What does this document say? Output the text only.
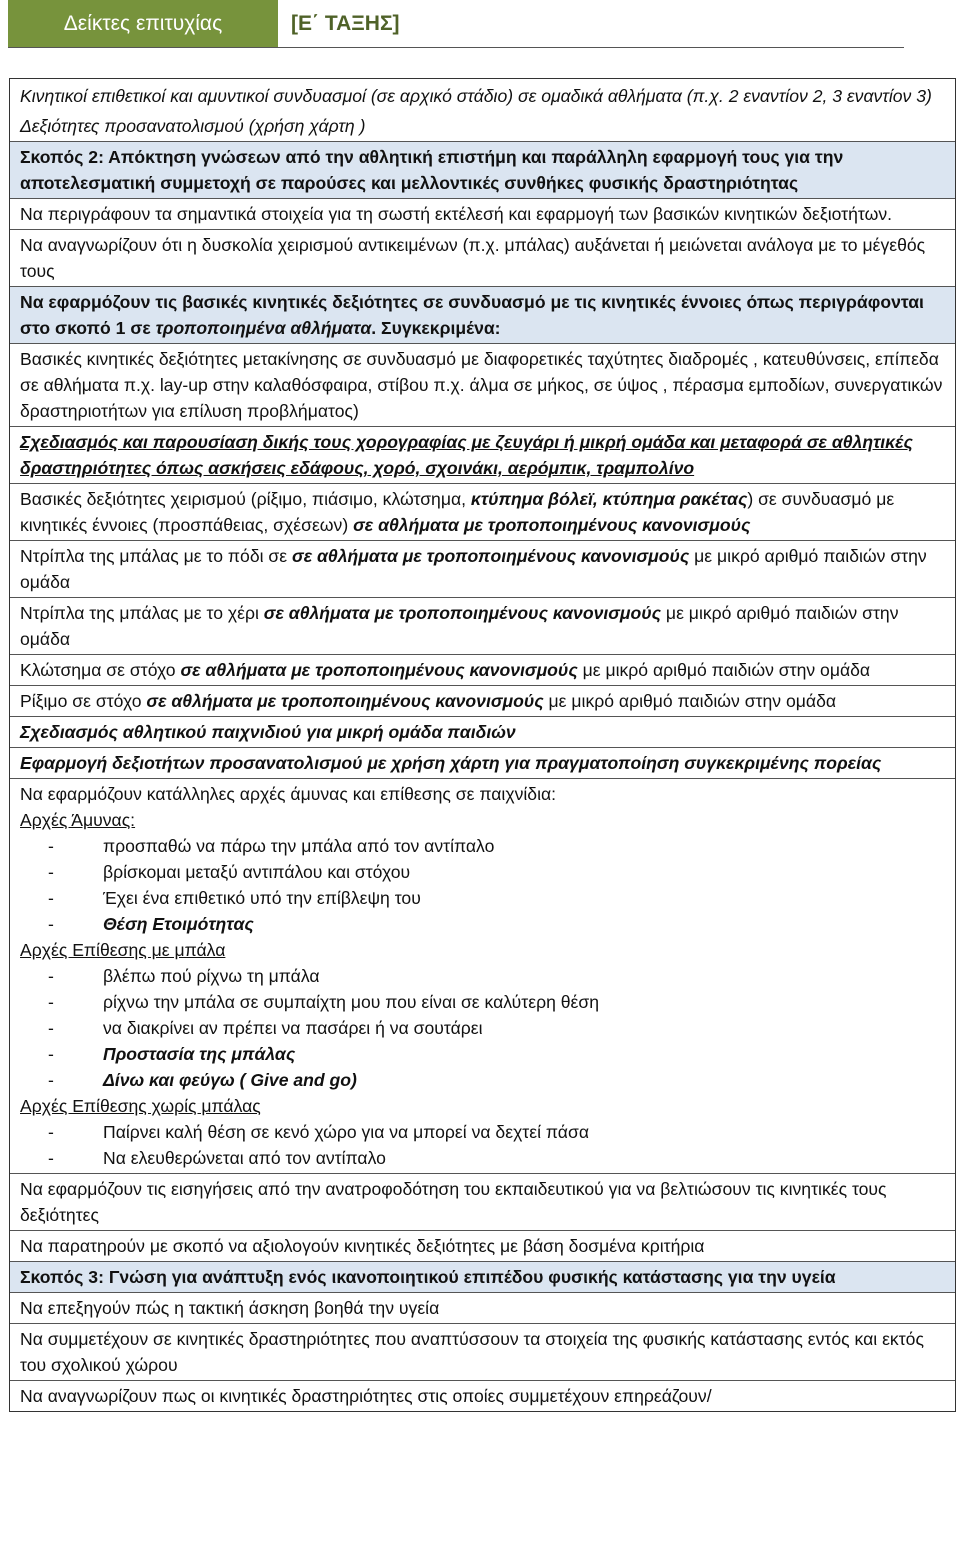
Δείκτες επιτυχίας	[Ε΄ ΤΑΞΗΣ]
Κινητικοί επιθετικοί και αμυντικοί συνδυασμοί (σε αρχικό στάδιο) σε ομαδικά αθλήματα (π.χ. 2 εναντίον 2, 3 εναντίον 3)
Δεξιότητες προσανατολισμού (χρήση χάρτη )
Σκοπός 2: Απόκτηση γνώσεων από την αθλητική επιστήμη και παράλληλη εφαρμογή τους για την αποτελεσματική συμμετοχή σε παρούσες και μελλοντικές συνθήκες φυσικής δραστηριότητας
Να περιγράφουν τα σημαντικά στοιχεία για τη σωστή εκτέλεσή και εφαρμογή των βασικών κινητικών δεξιοτήτων.
Να αναγνωρίζουν ότι η δυσκολία χειρισμού αντικειμένων (π.χ. μπάλας) αυξάνεται ή μειώνεται ανάλογα με το μέγεθός τους
Να εφαρμόζουν τις βασικές κινητικές δεξιότητες σε συνδυασμό με τις κινητικές έννοιες όπως περιγράφονται στο σκοπό 1 σε τροποποιημένα αθλήματα. Συγκεκριμένα:
Βασικές κινητικές δεξιότητες μετακίνησης σε συνδυασμό με διαφορετικές ταχύτητες διαδρομές , κατευθύνσεις, επίπεδα σε αθλήματα π.χ. lay-up στην καλαθόσφαιρα, στίβου π.χ. άλμα σε μήκος, σε ύψος , πέρασμα εμποδίων, συνεργατικών δραστηριοτήτων για επίλυση προβλήματος)
Σχεδιασμός και παρουσίαση δικής τους χορογραφίας με ζευγάρι ή μικρή ομάδα και μεταφορά σε αθλητικές δραστηριότητες όπως ασκήσεις εδάφους, χορό, σχοινάκι, αερόμπικ, τραμπολίνο
Βασικές δεξιότητες χειρισμού (ρίξιμο, πιάσιμο, κλώτσημα, κτύπημα βόλεϊ, κτύπημα ρακέτας) σε συνδυασμό με κινητικές έννοιες (προσπάθειας, σχέσεων) σε αθλήματα με τροποποιημένους κανονισμούς
Ντρίπλα της μπάλας με το πόδι σε σε αθλήματα με τροποποιημένους κανονισμούς με μικρό αριθμό παιδιών στην ομάδα
Ντρίπλα της μπάλας με το χέρι σε αθλήματα με τροποποιημένους κανονισμούς με μικρό αριθμό παιδιών στην ομάδα
Κλώτσημα σε στόχο σε αθλήματα με τροποποιημένους κανονισμούς με μικρό αριθμό παιδιών στην ομάδα
Ρίξιμο σε στόχο σε αθλήματα με τροποποιημένους κανονισμούς με μικρό αριθμό παιδιών στην ομάδα
Σχεδιασμός αθλητικού παιχνιδιού για μικρή ομάδα παιδιών
Εφαρμογή δεξιοτήτων προσανατολισμού με χρήση χάρτη για πραγματοποίηση συγκεκριμένης πορείας
Να εφαρμόζουν κατάλληλες αρχές άμυνας και επίθεσης σε παιχνίδια:
Αρχές Άμυνας:
-	προσπαθώ να πάρω την μπάλα από τον αντίπαλο
-	βρίσκομαι μεταξύ αντιπάλου και στόχου
-	Έχει ένα επιθετικό υπό την επίβλεψη του
-	Θέση Ετοιμότητας
Αρχές Επίθεσης με μπάλα
-	βλέπω πού ρίχνω τη μπάλα
-	ρίχνω την μπάλα σε συμπαίχτη μου που είναι σε καλύτερη θέση
-	να διακρίνει αν πρέπει να πασάρει ή να σουτάρει
-	Προστασία της μπάλας
-	Δίνω και φεύγω ( Give and go)
Αρχές Επίθεσης χωρίς μπάλας
-	Παίρνει καλή θέση σε κενό χώρο για να μπορεί να δεχτεί πάσα
-	Να ελευθερώνεται από τον αντίπαλο
Να εφαρμόζουν τις εισηγήσεις από την ανατροφοδότηση του εκπαιδευτικού για να βελτιώσουν τις κινητικές τους δεξιότητες
Να παρατηρούν με σκοπό να αξιολογούν κινητικές δεξιότητες με βάση δοσμένα κριτήρια
Σκοπός 3: Γνώση για ανάπτυξη ενός ικανοποιητικού επιπέδου φυσικής κατάστασης για την υγεία
Να επεξηγούν πώς η τακτική άσκηση βοηθά την υγεία
Να συμμετέχουν σε κινητικές δραστηριότητες που αναπτύσσουν τα στοιχεία της φυσικής κατάστασης εντός και εκτός του σχολικού χώρου
Να αναγνωρίζουν πως οι κινητικές δραστηριότητες στις οποίες συμμετέχουν επηρεάζουν/
